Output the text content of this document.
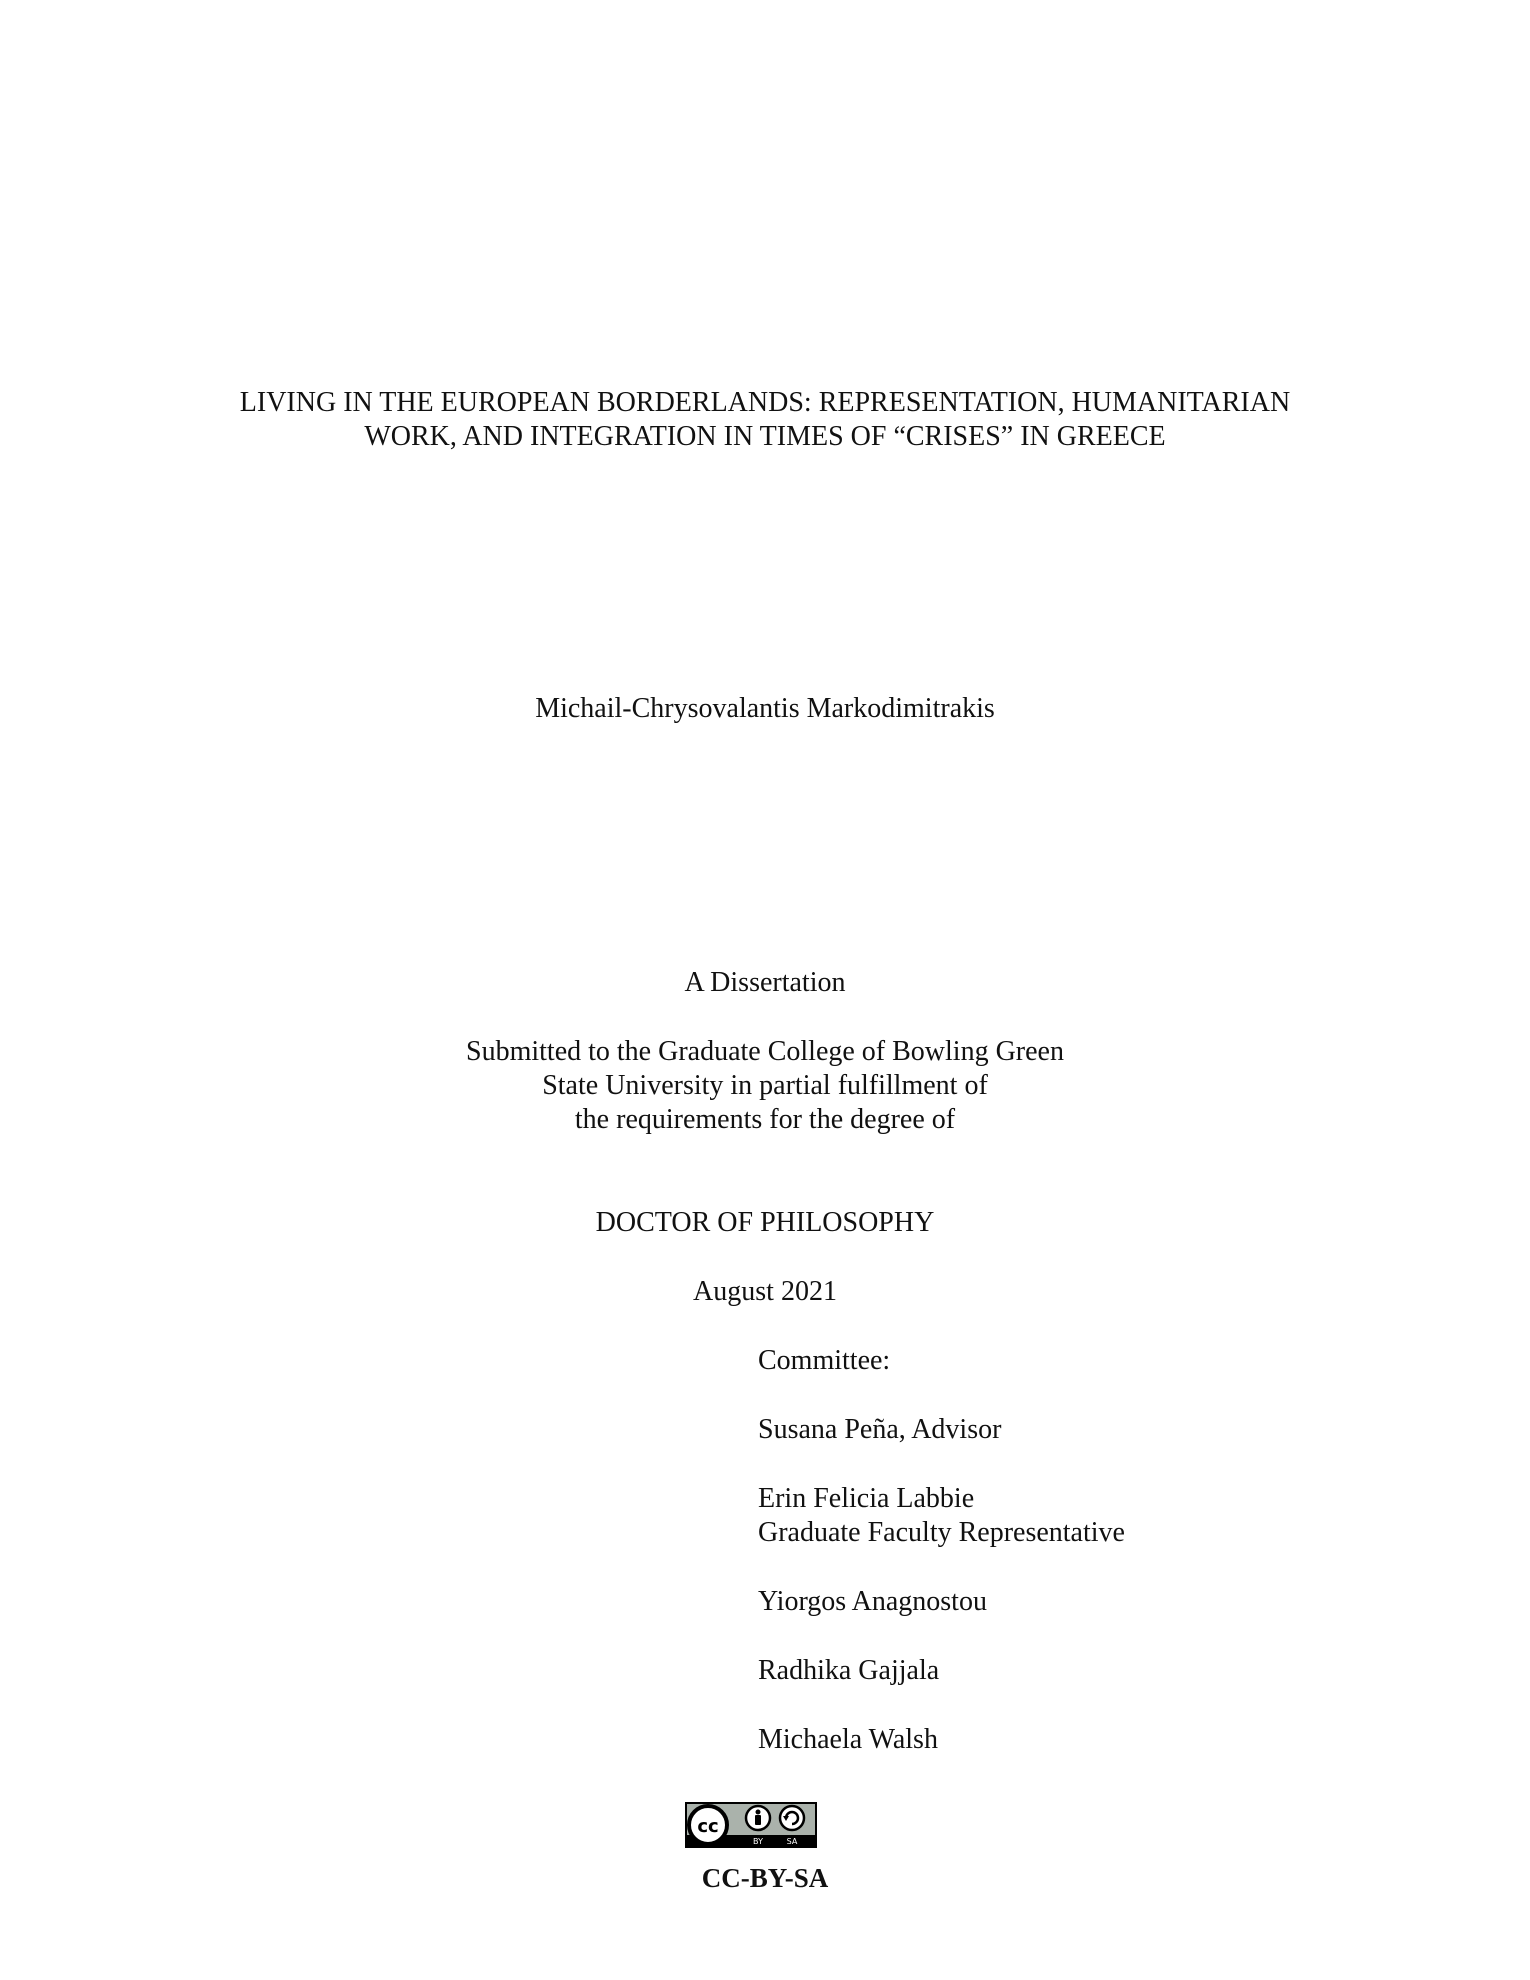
LIVING IN THE EUROPEAN BORDERLANDS: REPRESENTATION, HUMANITARIAN
WORK, AND INTEGRATION IN TIMES OF “CRISES” IN GREECE
Michail-Chrysovalantis Markodimitrakis
A Dissertation
Submitted to the Graduate College of Bowling Green
State University in partial fulfillment of
the requirements for the degree of
DOCTOR OF PHILOSOPHY
August 2021
Committee:
Susana Peña, Advisor
Erin Felicia Labbie
Graduate Faculty Representative
Yiorgos Anagnostou
Radhika Gajjala
Michaela Walsh
cc
BY	SA
CC-BY-SA
